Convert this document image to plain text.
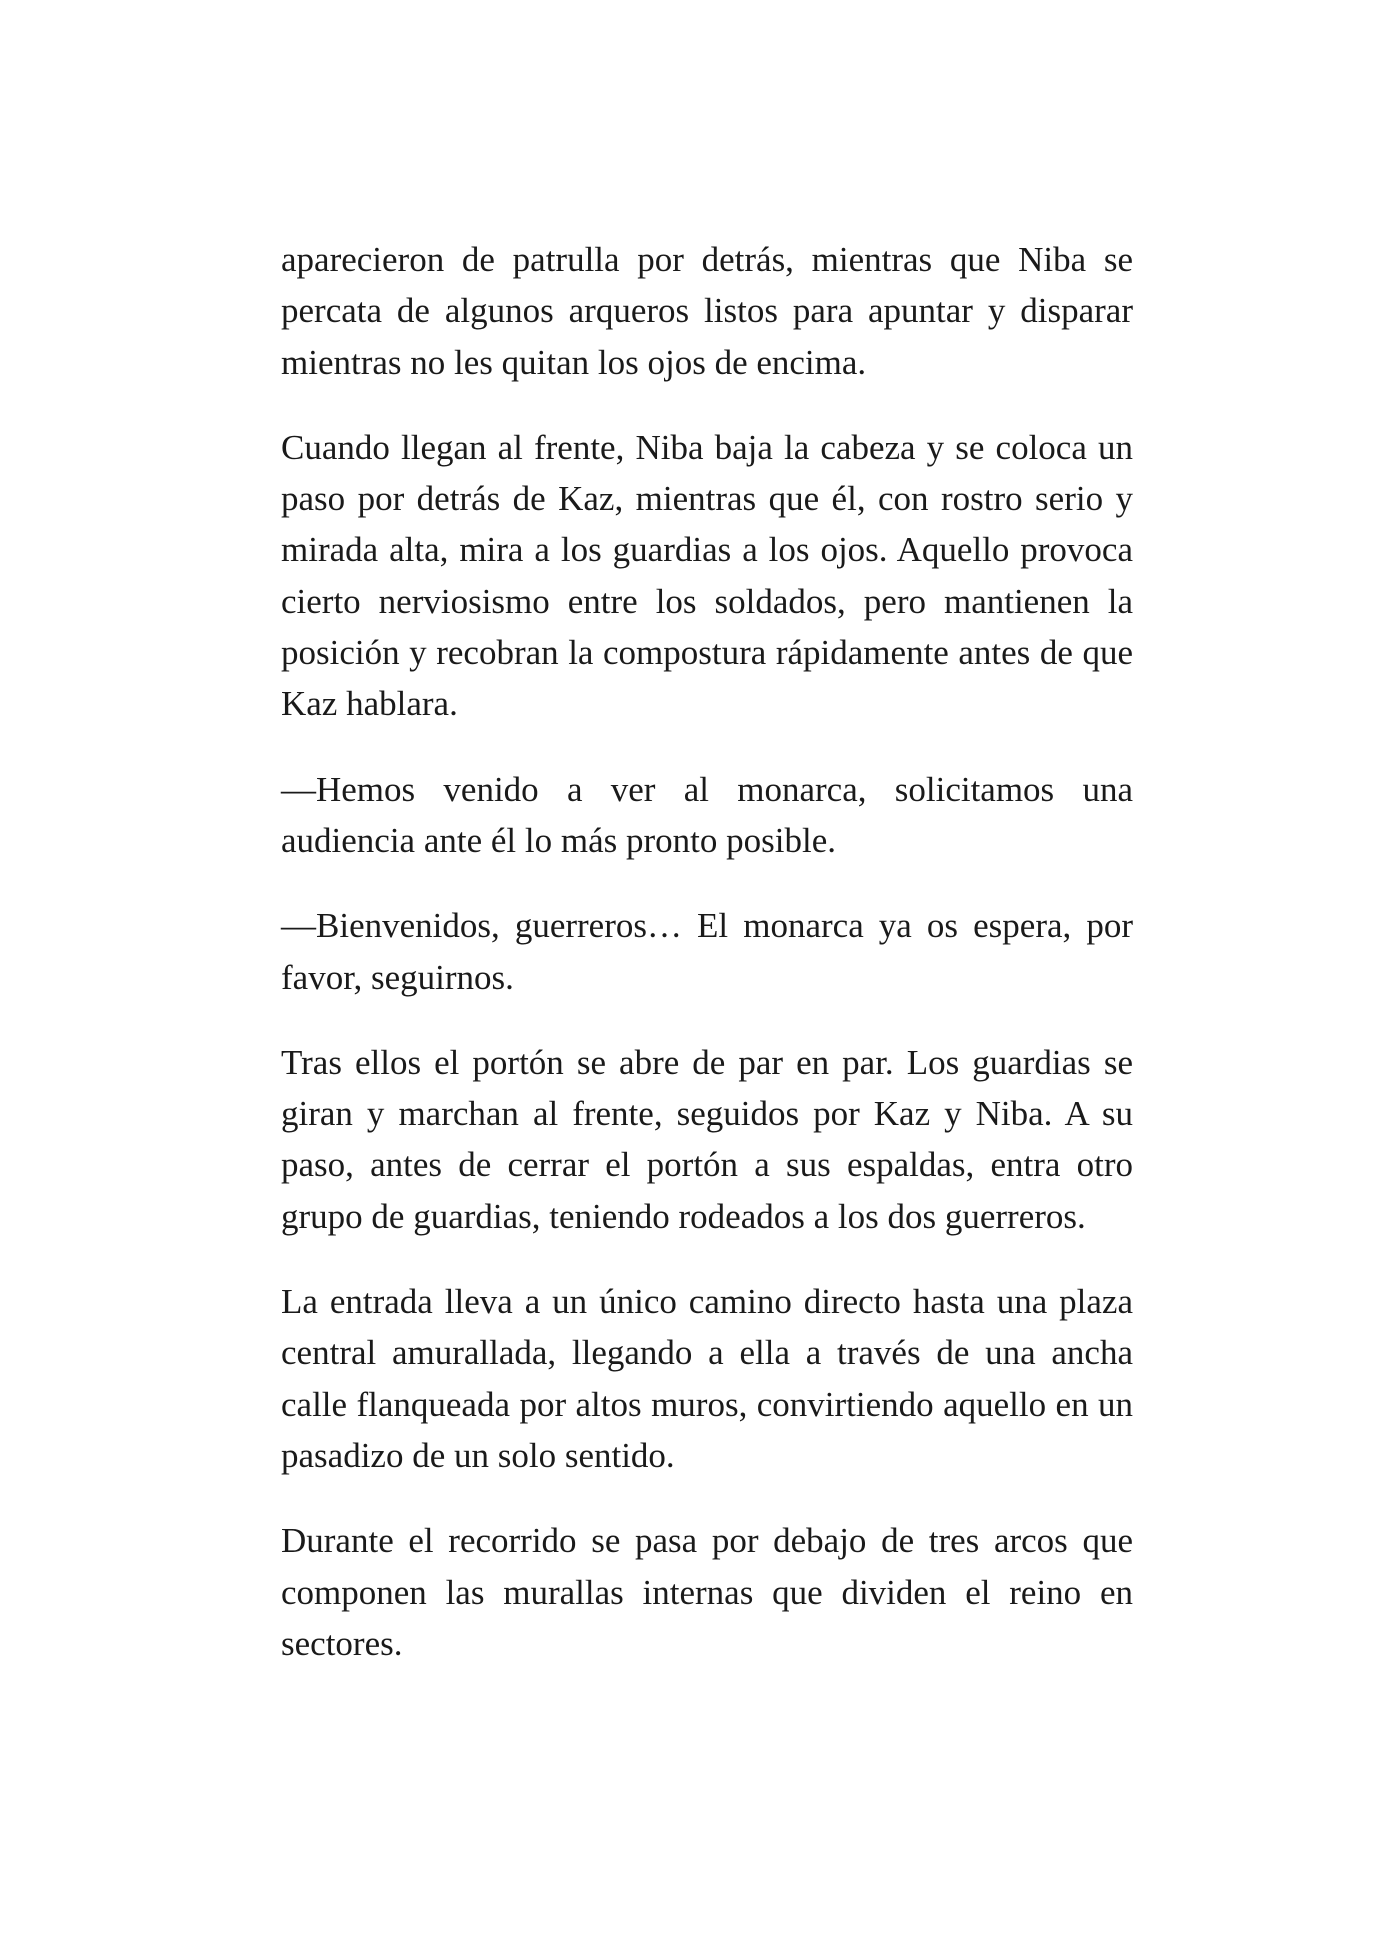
aparecieron de patrulla por detrás, mientras que Niba se percata de algunos arqueros listos para apuntar y disparar mientras no les quitan los ojos de encima.

Cuando llegan al frente, Niba baja la cabeza y se coloca un paso por detrás de Kaz, mientras que él, con rostro serio y mirada alta, mira a los guardias a los ojos. Aquello provoca cierto nerviosismo entre los soldados, pero mantienen la posición y recobran la compostura rápidamente antes de que Kaz hablara.

—Hemos venido a ver al monarca, solicitamos una audiencia ante él lo más pronto posible.

—Bienvenidos, guerreros… El monarca ya os espera, por favor, seguirnos.

Tras ellos el portón se abre de par en par. Los guardias se giran y marchan al frente, seguidos por Kaz y Niba. A su paso, antes de cerrar el portón a sus espaldas, entra otro grupo de guardias, teniendo rodeados a los dos guerreros.

La entrada lleva a un único camino directo hasta una plaza central amurallada, llegando a ella a través de una ancha calle flanqueada por altos muros, convirtiendo aquello en un pasadizo de un solo sentido.

Durante el recorrido se pasa por debajo de tres arcos que componen las murallas internas que dividen el reino en sectores.
